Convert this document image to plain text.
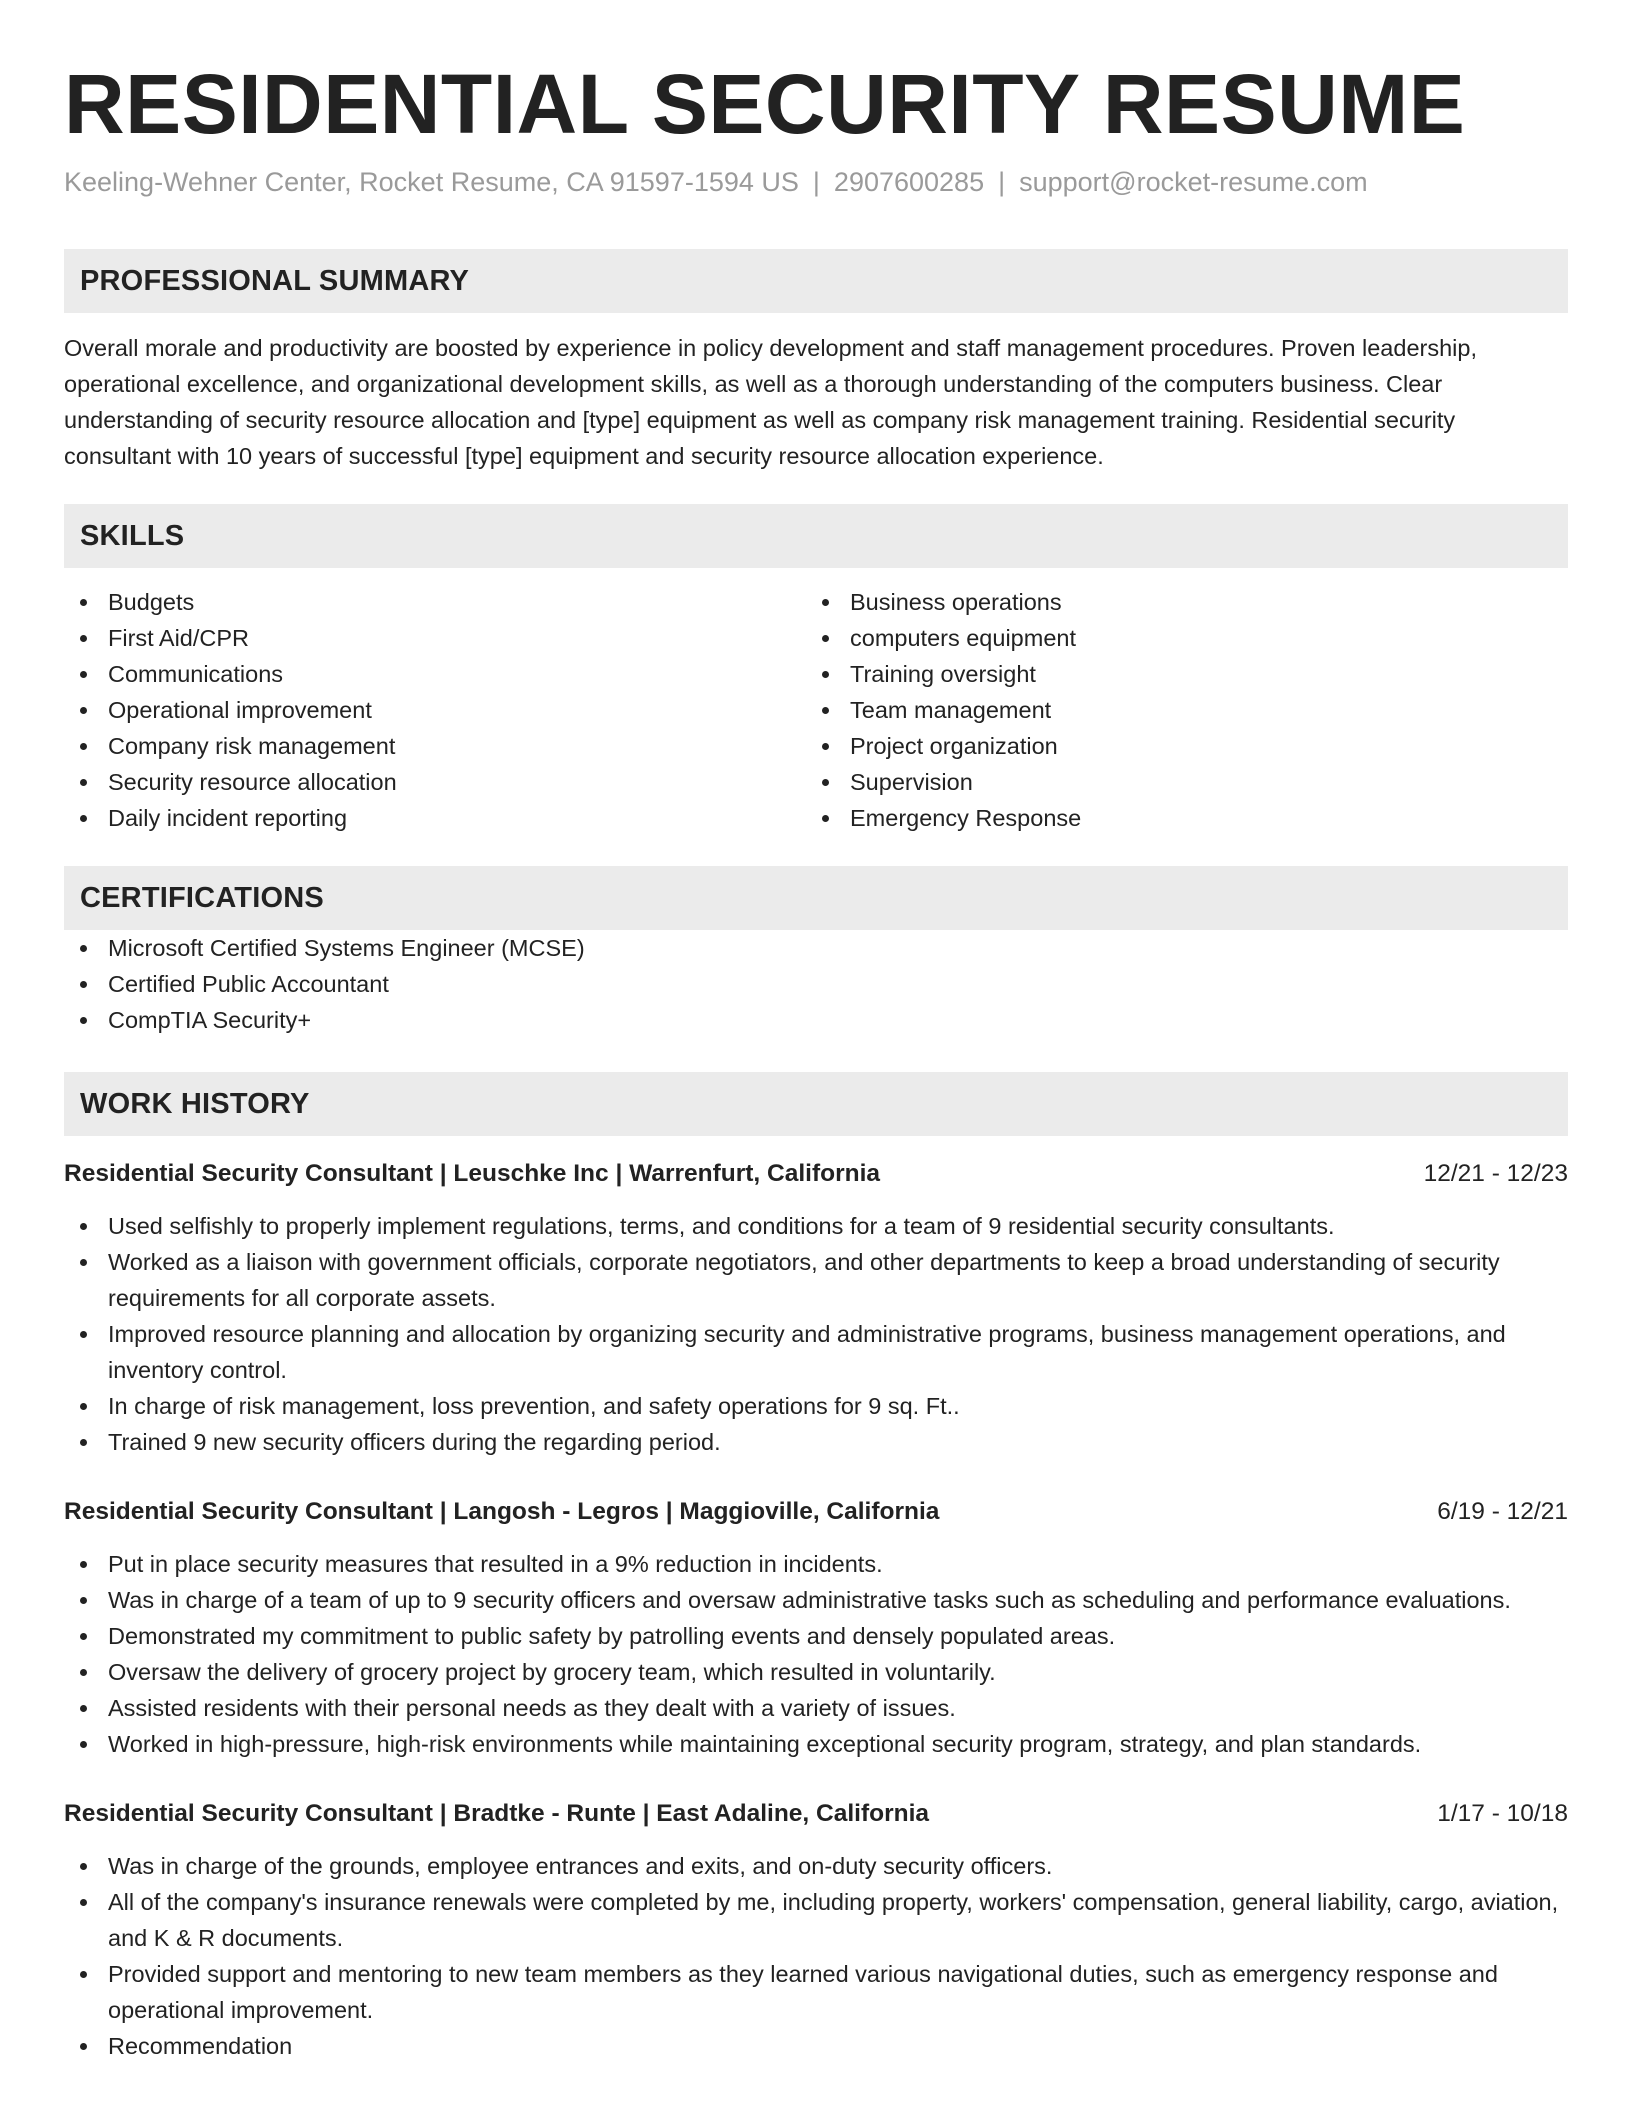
RESIDENTIAL SECURITY RESUME
Keeling-Wehner Center, Rocket Resume, CA 91597-1594 US | 2907600285 | support@rocket-resume.com
PROFESSIONAL SUMMARY

Overall morale and productivity are boosted by experience in policy development and staff management procedures. Proven leadership, operational excellence, and organizational development skills, as well as a thorough understanding of the computers business. Clear understanding of security resource allocation and [type] equipment as well as company risk management training. Residential security consultant with 10 years of successful [type] equipment and security resource allocation experience.

SKILLS
Budgets
First Aid/CPR
Communications
Operational improvement
Company risk management
Security resource allocation
Daily incident reporting
Business operations
computers equipment
Training oversight
Team management
Project organization
Supervision
Emergency Response
CERTIFICATIONS
Microsoft Certified Systems Engineer (MCSE)
Certified Public Accountant
CompTIA Security+
WORK HISTORY
Residential Security Consultant | Leuschke Inc | Warrenfurt, California	12/21 - 12/23
Used selfishly to properly implement regulations, terms, and conditions for a team of 9 residential security consultants.
Worked as a liaison with government officials, corporate negotiators, and other departments to keep a broad understanding of security requirements for all corporate assets.
Improved resource planning and allocation by organizing security and administrative programs, business management operations, and inventory control.
In charge of risk management, loss prevention, and safety operations for 9 sq. Ft..
Trained 9 new security officers during the regarding period.
Residential Security Consultant | Langosh - Legros | Maggioville, California	6/19 - 12/21
Put in place security measures that resulted in a 9% reduction in incidents.
Was in charge of a team of up to 9 security officers and oversaw administrative tasks such as scheduling and performance evaluations.
Demonstrated my commitment to public safety by patrolling events and densely populated areas.
Oversaw the delivery of grocery project by grocery team, which resulted in voluntarily.
Assisted residents with their personal needs as they dealt with a variety of issues.
Worked in high-pressure, high-risk environments while maintaining exceptional security program, strategy, and plan standards.
Residential Security Consultant | Bradtke - Runte | East Adaline, California	1/17 - 10/18
Was in charge of the grounds, employee entrances and exits, and on-duty security officers.
All of the company's insurance renewals were completed by me, including property, workers' compensation, general liability, cargo, aviation, and K & R documents.
Provided support and mentoring to new team members as they learned various navigational duties, such as emergency response and operational improvement.
Recommendation
